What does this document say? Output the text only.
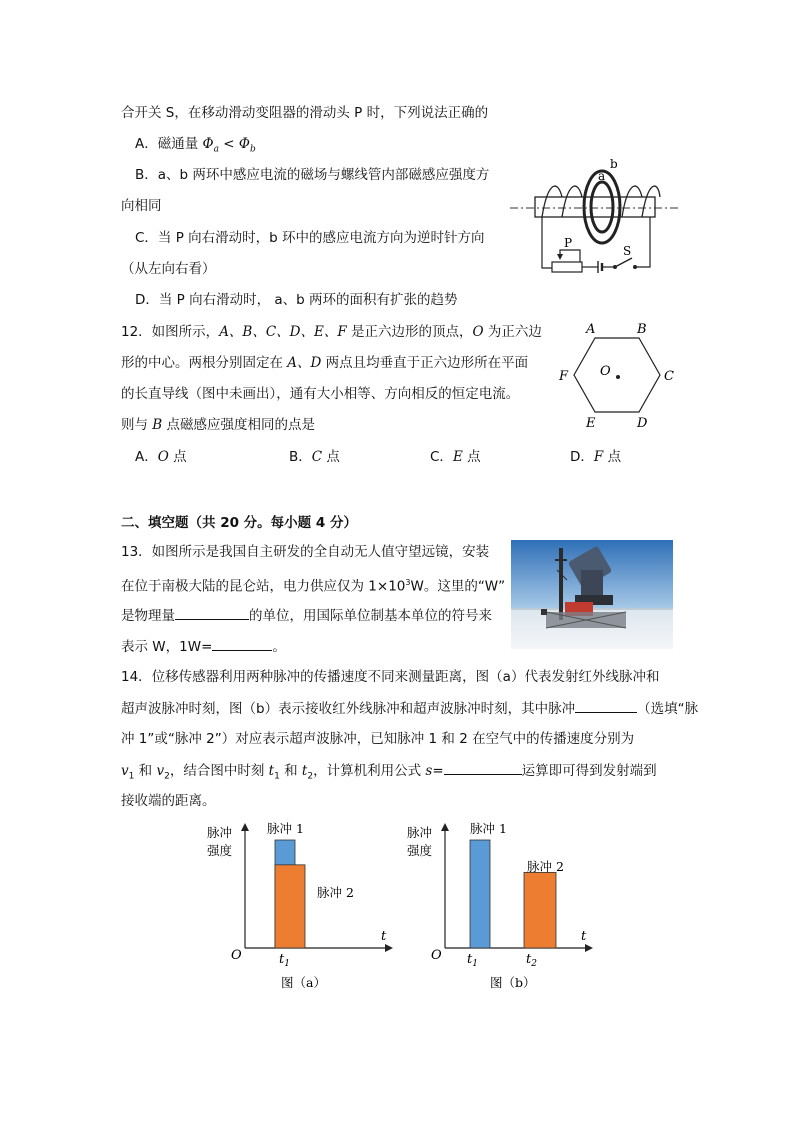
合开关 S，在移动滑动变阻器的滑动头 P 时，下列说法正确的
A．磁通量 $\Phi_a < \Phi_b$
B．a、b 两环中感应电流的磁场与螺线管内部磁感应强度方
向相同
C．当 P 向右滑动时，b 环中的感应电流方向为逆时针方向
（从左向右看）
D．当 P 向右滑动时， a、b 两环的面积有扩张的趋势
b
a
P
S
12．如图所示，A、B、C、D、E、F 是正六边形的顶点，O 为正六边
形的中心。两根分别固定在 A、D 两点且均垂直于正六边形所在平面
的长直导线（图中未画出），通有大小相等、方向相反的恒定电流。
则与 B 点磁感应强度相同的点是
A．O 点	B．C 点	C．E 点	D．F 点
A	B
C
D
E
F O
二、填空题（共 20 分。每小题 4 分）
13．如图所示是我国自主研发的全自动无人值守望远镜，安装
在位于南极大陆的昆仑站，电力供应仅为 $1\times 10^3W$。这里的“W”
是物理量	的单位，用国际单位制基本单位的符号来
表示 W，1W=	。
14．位移传感器利用两种脉冲的传播速度不同来测量距离，图（a）代表发射红外线脉冲和
超声波脉冲时刻，图（b）表示接收红外线脉冲和超声波脉冲时刻，其中脉冲	（选填“脉
冲 1”或“脉冲 2”）对应表示超声波脉冲，已知脉冲 1 和 2 在空气中的传播速度分别为
$v_1$ 和 $v_2$，结合图中时刻 $t_1$ 和 $t_2$，计算机利用公式 s=	运算即可得到发射端到
接收端的距离。
脉冲
强度
t
O
脉冲 1
脉冲 2
$t_1$
图（a）
脉冲
强度
t
O
脉冲 1
脉冲 2
$t_1$	$t_2$
图（b）
